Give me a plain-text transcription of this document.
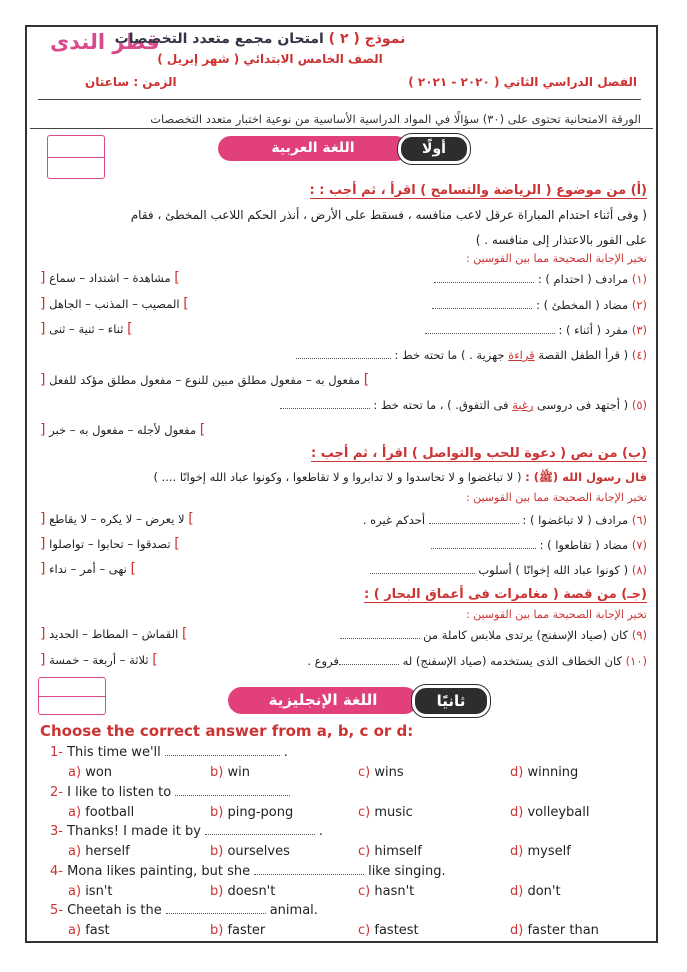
قطر الندى	نموذج ( ٢ ) امتحان مجمع متعدد التخصصات
الصف الخامس الابتدائي ( شهر إبريل )
الفصل الدراسي الثاني ( ٢٠٢٠ - ٢٠٢١ )
الزمن : ساعتان
الورقة الامتحانية تحتوى على (٣٠) سؤالًا في المواد الدراسية الأساسية من نوعية اختبار متعدد التخصصات
اللغة العربية	أولًا
(أ) من موضوع ( الرياضة والتسامح ) اقرأ ، ثم أجب : :
( وفى أثناء احتدام المباراة عرقل لاعب منافسه ، فسقط على الأرض ، أنذر الحكم اللاعب المخطئ ، فقام
على الفور بالاعتذار إلى منافسه . )
تخير الإجابة الصحيحة مما بين القوسين :
(١) مرادف ( احتدام ) :
] مشاهدة – اشتداد – سماع [
(٢) مضاد ( المخطئ ) :
] المصيب – المذنب – الجاهل [
(٣) مفرد ( أثناء ) :
] ثناء – ثنية – ثنى [
(٤) ( قرأ الطفل القصة قراءة جهرية . ) ما تحته خط :
] مفعول به – مفعول مطلق مبين للنوع – مفعول مطلق مؤكد للفعل [
(٥) ( أجتهد فى دروسى رغبة فى التفوق. ) ، ما تحته خط :
] مفعول لأجله – مفعول به – خبر [
(ب) من نص ( دعوة للحب والتواصل ) اقرأ ، ثم أجب :
قال رسول الله (ﷺ) : ( لا تباغضوا و لا تحاسدوا و لا تدابروا و لا تقاطعوا ، وكونوا عباد الله إخوانًا .... )
تخير الإجابة الصحيحة مما بين القوسين :
(٦) مرادف ( لا تباغضوا ) :  أحدكم غيره .
] لا يعرض – لا يكره – لا يقاطع [
(٧) مضاد ( تقاطعوا ) :
] تصدقوا – تحابوا – تواصلوا [
(٨) ( كونوا عباد الله إخوانًا ) أسلوب
] نهى – أمر – نداء [
(جـ) من قصة ( مغامرات فى أعماق البحار ) :
تخير الإجابة الصحيحة مما بين القوسين :
(٩) كان (صياد الإسفنج) يرتدى ملابس كاملة من
] القماش – المطاط – الحديد [
(١٠) كان الخطاف الذى يستخدمه (صياد الإسفنج) له فروع .
] ثلاثة – أربعة – خمسة [
اللغة الإنجليزية	ثانيًا
Choose the correct answer from a, b, c or d:
1- This time we'll	.
a) won	b) win	c) wins	d) winning
2- I like to listen to
a) football	b) ping-pong	c) music	d) volleyball
3- Thanks! I made it by	.
a) herself	b) ourselves	c) himself	d) myself
4- Mona likes painting, but she	like singing.
a) isn't	b) doesn't	c) hasn't	d) don't
5- Cheetah is the	animal.
a) fast	b) faster	c) fastest	d) faster than
